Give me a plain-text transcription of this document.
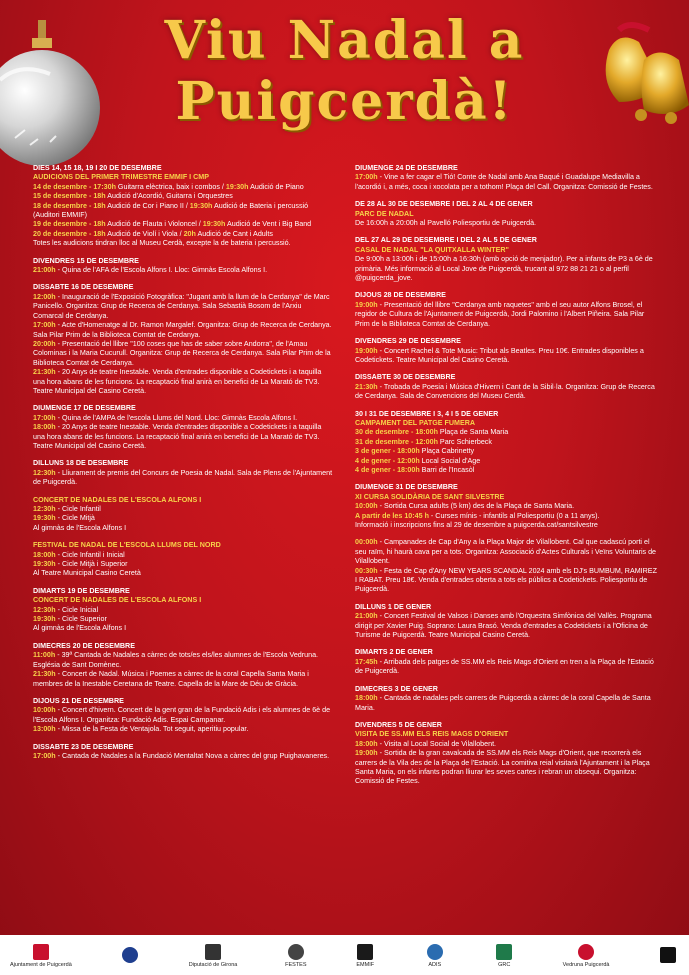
Viu Nadal a
Puigcerdà!
DIES 14, 15 18, 19 I 20 DE DESEMBRE
AUDICIONS DEL PRIMER TRIMESTRE EMMIF I CMP
14 de desembre - 17:30h Guitarra elèctrica, baix i combos / 19:30h Audició de Piano
15 de desembre - 18h Audició d'Acordió, Guitarra i Orquestres
18 de desembre - 18h Audició de Cor i Piano II / 19:30h Audició de Bateria i percussió (Auditori EMMIF)
19 de desembre - 18h Audició de Flauta i Violoncel / 19:30h Audició de Vent i Big Band
20 de desembre - 18h Audició de Violí i Viola / 20h Audició de Cant i Adults
Totes les audicions tindran lloc al Museu Cerdà, excepte la de bateria i percussió.
DIVENDRES 15 DE DESEMBRE
21:00h - Quina de l'AFA de l'Escola Alfons I. Lloc: Gimnàs Escola Alfons I.
DISSABTE 16 DE DESEMBRE
12:00h - Inauguració de l'Exposició Fotogràfica: "Jugant amb la llum de la Cerdanya" de Marc Panicello. Organitza: Grup de Recerca de Cerdanya. Sala Sebastià Bosom de l'Arxiu Comarcal de Cerdanya.
17:00h - Acte d'Homenatge al Dr. Ramon Margalef. Organitza: Grup de Recerca de Cerdanya. Sala Pilar Prim de la Biblioteca Comtat de Cerdanya.
20:00h - Presentació del llibre "100 coses que has de saber sobre Andorra", de l'Amau Colominas i la Maria Cucurull. Organitza: Grup de Recerca de Cerdanya. Sala Pilar Prim de la Biblioteca Comtat de Cerdanya.
21:30h - 20 Anys de teatre Inestable. Venda d'entrades disponible a Codetickets i a taquilla una hora abans de les funcions. La recaptació final anirà en benefici de La Marató de TV3. Teatre Municipal del Casino Ceretà.
DIUMENGE 17 DE DESEMBRE
17:00h - Quina de l'AMPA de l'escola Llums del Nord. Lloc: Gimnàs Escola Alfons I.
18:00h - 20 Anys de teatre Inestable. Venda d'entrades disponible a Codetickets i a taquilla una hora abans de les funcions. La recaptació final anirà en benefici de La Marató de TV3. Teatre Municipal del Casino Ceretà.
DILLUNS 18 DE DESEMBRE
12:30h - Lliurament de premis del Concurs de Poesia de Nadal. Sala de Plens de l'Ajuntament de Puigcerdà.
CONCERT DE NADALES DE L'ESCOLA ALFONS I
12:30h - Cicle Infantil
19:30h - Cicle Mitjà
Al gimnàs de l'Escola Alfons I
FESTIVAL DE NADAL DE L'ESCOLA LLUMS DEL NORD
18:00h - Cicle Infantil i Inicial
19:30h - Cicle Mitjà i Superior
Al Teatre Municipal Casino Ceretà
DIMARTS 19 DE DESEMBRE
CONCERT DE NADALES DE L'ESCOLA ALFONS I
12:30h - Cicle Inicial
19:30h - Cicle Superior
Al gimnàs de l'Escola Alfons I
DIMECRES 20 DE DESEMBRE
11:00h - 39ª Cantada de Nadales a càrrec de tots/es els/les alumnes de l'Escola Vedruna. Església de Sant Domènec.
21:30h - Concert de Nadal. Música i Poemes a càrrec de la coral Capella Santa Maria i membres de la Inestable Ceretana de Teatre. Capella de la Mare de Déu de Gràcia.
DIJOUS 21 DE DESEMBRE
10:00h - Concert d'hivern. Concert de la gent gran de la Fundació Adis i els alumnes de 6è de l'Escola Alfons I. Organitza: Fundació Adis. Espai Campanar.
13:00h - Missa de la Festa de Ventajola. Tot seguit, aperitiu popular.
DISSABTE 23 DE DESEMBRE
17:00h - Cantada de Nadales a la Fundació Mentaltat Nova a càrrec del grup Puighavaneres.
DIUMENGE 24 DE DESEMBRE
17:00h - Vine a fer cagar el Tió! Conte de Nadal amb Ana Baqué i Guadalupe Mediavilla a l'acordió i, a més, coca i xocolata per a tothom! Plaça del Call. Organitza: Comissió de Festes.
DE 28 AL 30 DE DESEMBRE I DEL 2 AL 4 DE GENER
PARC DE NADAL
De 16:00h a 20:00h al Pavelló Poliesportiu de Puigcerdà.
DEL 27 AL 29 DE DESEMBRE I DEL 2 AL 5 DE GENER
CASAL DE NADAL "LA QUITXALLA WINTER"
De 9:00h a 13:00h i de 15:00h a 16:30h (amb opció de menjador). Per a infants de P3 a 6è de primària. Més informació al Local Jove de Puigcerdà, trucant al 972 88 21 21 o al perfil @puigcerda_jove.
DIJOUS 28 DE DESEMBRE
19:00h - Presentació del llibre "Cerdanya amb raquetes" amb el seu autor Alfons Brosel, el regidor de Cultura de l'Ajuntament de Puigcerdà, Jordi Palomino i l'Albert Piñeira. Sala Pilar Prim de la Biblioteca Comtat de Cerdanya.
DIVENDRES 29 DE DESEMBRE
19:00h - Concert Rachel & Tote Music: Tribut als Beatles. Preu 10€. Entrades disponibles a Codetickets. Teatre Municipal del Casino Ceretà.
DISSABTE 30 DE DESEMBRE
21:30h - Trobada de Poesia i Música d'Hivern i Cant de la Sibil·la. Organitza: Grup de Recerca de Cerdanya. Sala de Convencions del Museu Cerdà.
30 I 31 DE DESEMBRE I 3, 4 I 5 DE GENER
CAMPAMENT DEL PATGE FUMERA
30 de desembre - 18:00h Plaça de Santa Maria
31 de desembre - 12:00h Parc Schierbeck
3 de gener - 18:00h Plaça Cabrinetty
4 de gener - 12:00h Local Social d'Age
4 de gener - 18:00h Barri de l'Incasòl
DIUMENGE 31 DE DESEMBRE
XI CURSA SOLIDÀRIA DE SANT SILVESTRE
10:00h - Sortida Cursa adults (5 km) des de la Plaça de Santa Maria.
A partir de les 10:45 h - Curses mínis - infantils al Poliesportiu (0 a 11 anys).
Informació i inscripcions fins al 29 de desembre a puigcerda.cat/santsilvestre
00:00h - Campanades de Cap d'Any a la Plaça Major de Vilallobent. Cal que cadascú porti el seu raïm, hi haurà cava per a tots. Organitza: Associació d'Actes Culturals i Veïns Voluntaris de Vilallobent.
00:30h - Festa de Cap d'Any NEW YEARS SCANDAL 2024 amb els DJ's BUMBUM, RAMIREZ I RABAT. Preu 18€. Venda d'entrades oberta a tots els públics a Codetickets. Poliesportiu de Puigcerdà.
DILLUNS 1 DE GENER
21:00h - Concert Festival de Valsos i Danses amb l'Orquestra Simfònica del Vallès. Programa dirigit per Xavier Puig. Soprano: Laura Brasó. Venda d'entrades a Codetickets i a l'Oficina de Turisme de Puigcerdà. Teatre Municipal Casino Ceretà.
DIMARTS 2 DE GENER
17:45h - Arribada dels patges de SS.MM els Reis Mags d'Orient en tren a la Plaça de l'Estació de Puigcerdà.
DIMECRES 3 DE GENER
18:00h - Cantada de nadales pels carrers de Puigcerdà a càrrec de la coral Capella de Santa Maria.
DIVENDRES 5 DE GENER
VISITA DE SS.MM ELS REIS MAGS D'ORIENT
18:00h - Visita al Local Social de Vilallobent.
19:00h - Sortida de la gran cavalcada de SS.MM els Reis Mags d'Orient, que recorrerà els carrers de la Vila des de la Plaça de l'Estació. La comitiva reial visitarà l'Ajuntament i la Plaça Santa Maria, on els infants podran lliurar les seves cartes i rebran un obsequi. Organitza: Comissió de Festes.
Ajuntament de Puigcerdà	Diputació de Girona	FESTES	EMMIF	ADIS	GRC	Vedruna Puigcerdà
